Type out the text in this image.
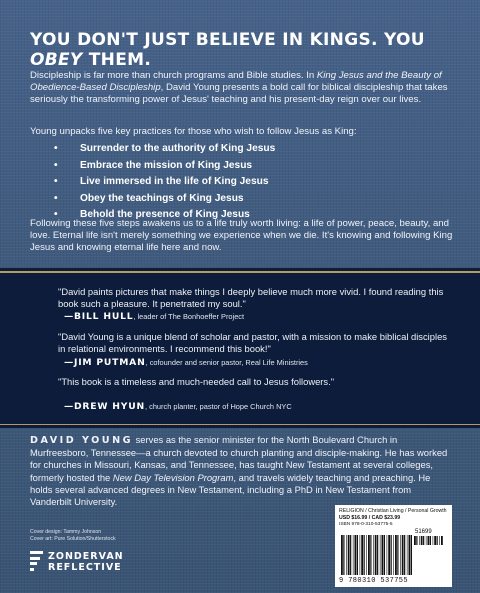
YOU DON'T JUST BELIEVE IN KINGS. YOU OBEY THEM.
Discipleship is far more than church programs and Bible studies. In King Jesus and the Beauty of Obedience-Based Discipleship, David Young presents a bold call for biblical discipleship that takes seriously the transforming power of Jesus' teaching and his present-day reign over our lives.
Young unpacks five key practices for those who wish to follow Jesus as King:
• Surrender to the authority of King Jesus
• Embrace the mission of King Jesus
• Live immersed in the life of King Jesus
• Obey the teachings of King Jesus
• Behold the presence of King Jesus
Following these five steps awakens us to a life truly worth living: a life of power, peace, beauty, and love. Eternal life isn't merely something we experience when we die. It's knowing and following King Jesus and knowing eternal life here and now.
"David paints pictures that make things I deeply believe much more vivid. I found reading this book such a pleasure. It penetrated my soul."
—BILL HULL, leader of The Bonhoeffer Project
"David Young is a unique blend of scholar and pastor, with a mission to make biblical disciples in relational environments. I recommend this book!"
—JIM PUTMAN, cofounder and senior pastor, Real Life Ministries
"This book is a timeless and much-needed call to Jesus followers."
—DREW HYUN, church planter, pastor of Hope Church NYC
DAVID YOUNG serves as the senior minister for the North Boulevard Church in Murfreesboro, Tennessee—a church devoted to church planting and disciple-making. He has worked for churches in Missouri, Kansas, and Tennessee, has taught New Testament at several colleges, formerly hosted the New Day Television Program, and travels widely teaching and preaching. He holds several advanced degrees in New Testament, including a PhD in New Testament from Vanderbilt University.
Cover design: Tammy Johnson
Cover art: Pure Solution/Shutterstock
ZONDERVAN
REFLECTIVE
RELIGION / Christian Living / Personal Growth
USD $16.99 / CAD $23.99
ISBN 978-0-310-53775-5
51699
9 780310 537755
